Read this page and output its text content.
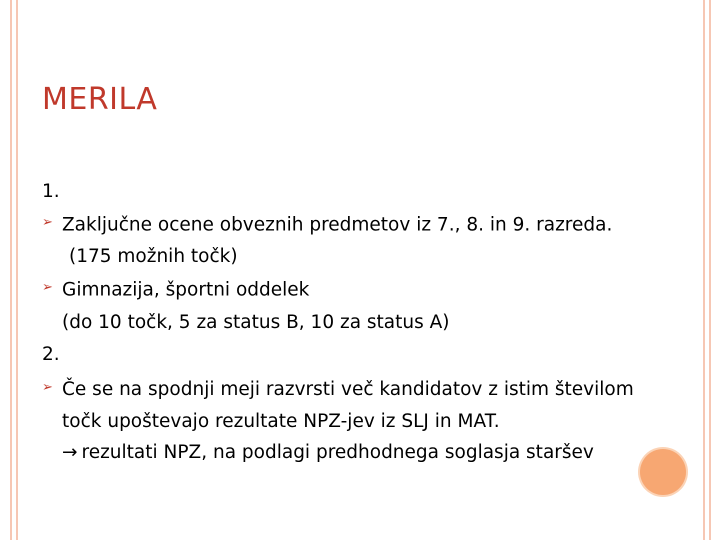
MERILA
1.
➢ Zaključne ocene obveznih predmetov iz 7., 8. in 9. razreda.
(175 možnih točk)
➢ Gimnazija, športni oddelek
(do 10 točk, 5 za status B, 10 za status A)
2.
➢ Če se na spodnji meji razvrsti več kandidatov z istim številom
točk upoštevajo rezultate NPZ-jev iz SLJ in MAT.
→ rezultati NPZ, na podlagi predhodnega soglasja staršev
